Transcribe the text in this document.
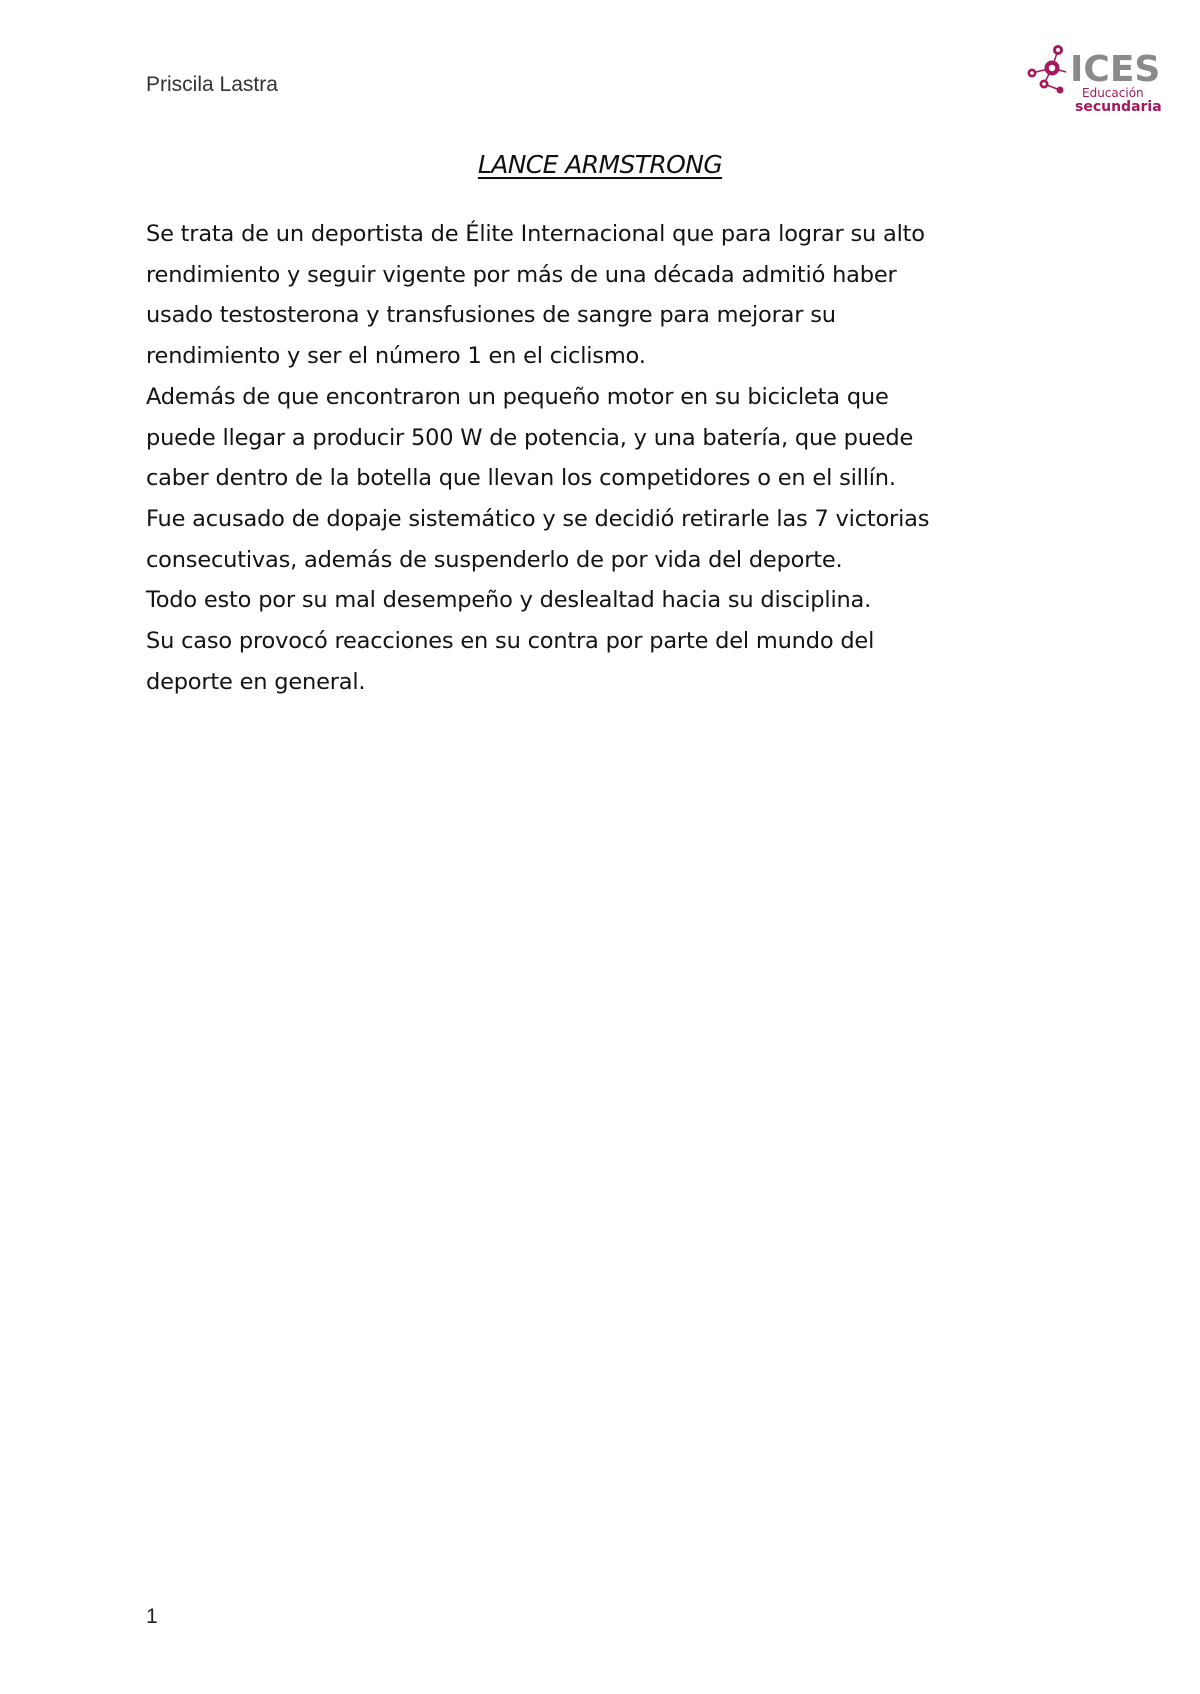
Priscila Lastra	ICES
Educación
secundaria
LANCE ARMSTRONG

Se trata de un deportista de Élite Internacional que para lograr su alto

rendimiento y seguir vigente por más de una década admitió haber

usado testosterona y transfusiones de sangre para mejorar su

rendimiento y ser el número 1 en el ciclismo.

Además de que encontraron un pequeño motor en su bicicleta que

puede llegar a producir 500 W de potencia, y una batería, que puede

caber dentro de la botella que llevan los competidores o en el sillín.

Fue acusado de dopaje sistemático y se decidió retirarle las 7 victorias

consecutivas, además de suspenderlo de por vida del deporte.

Todo esto por su mal desempeño y deslealtad hacia su disciplina.

Su caso provocó reacciones en su contra por parte del mundo del

deporte en general.

1
